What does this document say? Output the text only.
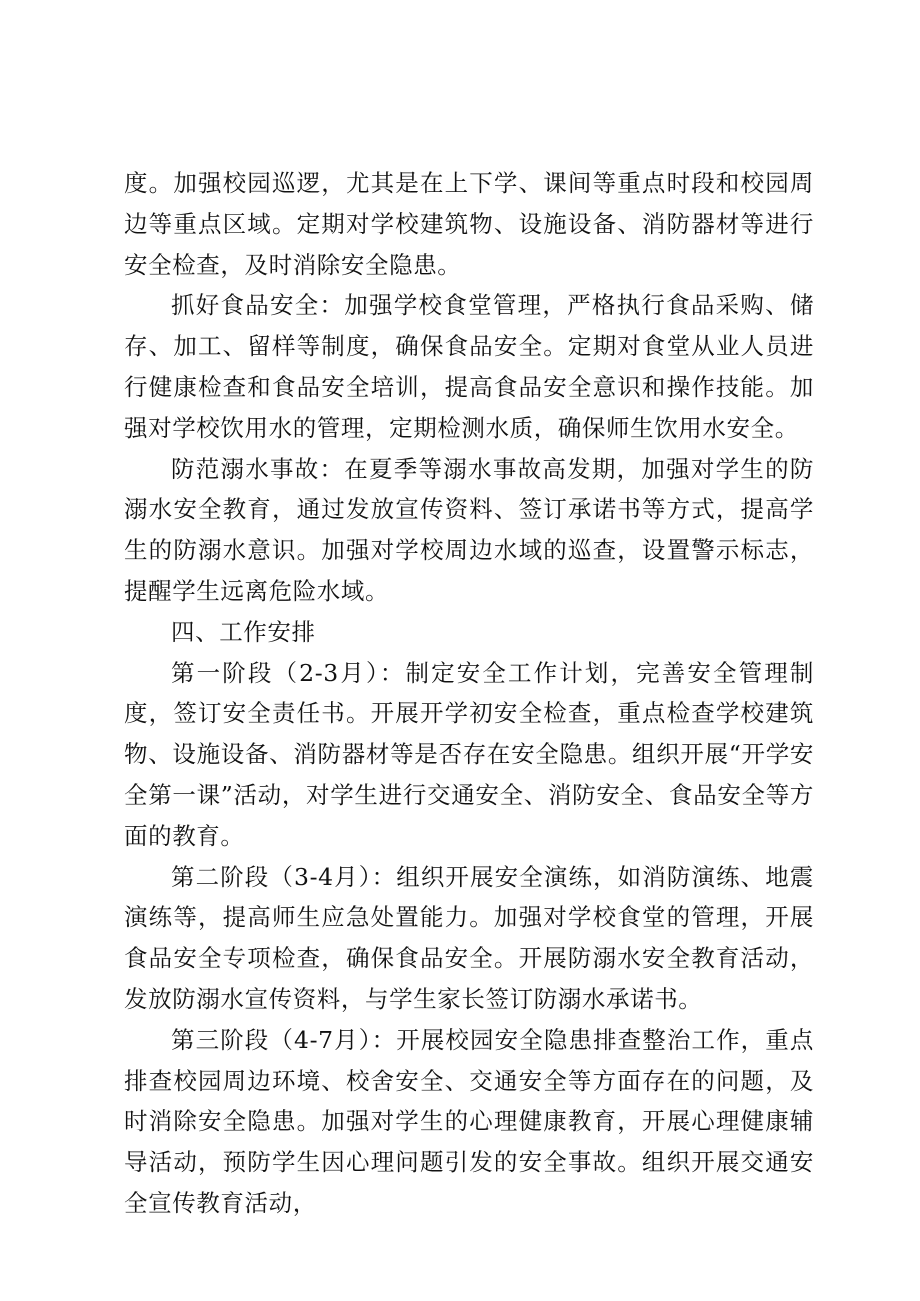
度。加强校园巡逻，尤其是在上下学、课间等重点时段和校园周边等重点区域。定期对学校建筑物、设施设备、消防器材等进行安全检查，及时消除安全隐患。

抓好食品安全：加强学校食堂管理，严格执行食品采购、储存、加工、留样等制度，确保食品安全。定期对食堂从业人员进行健康检查和食品安全培训，提高食品安全意识和操作技能。加强对学校饮用水的管理，定期检测水质，确保师生饮用水安全。

防范溺水事故：在夏季等溺水事故高发期，加强对学生的防溺水安全教育，通过发放宣传资料、签订承诺书等方式，提高学生的防溺水意识。加强对学校周边水域的巡查，设置警示标志，提醒学生远离危险水域。

四、工作安排

第一阶段（2-3月）：制定安全工作计划，完善安全管理制度，签订安全责任书。开展开学初安全检查，重点检查学校建筑物、设施设备、消防器材等是否存在安全隐患。组织开展“开学安全第一课”活动，对学生进行交通安全、消防安全、食品安全等方面的教育。

第二阶段（3-4月）：组织开展安全演练，如消防演练、地震演练等，提高师生应急处置能力。加强对学校食堂的管理，开展食品安全专项检查，确保食品安全。开展防溺水安全教育活动，发放防溺水宣传资料，与学生家长签订防溺水承诺书。

第三阶段（4-7月）：开展校园安全隐患排查整治工作，重点排查校园周边环境、校舍安全、交通安全等方面存在的问题，及时消除安全隐患。加强对学生的心理健康教育，开展心理健康辅导活动，预防学生因心理问题引发的安全事故。组织开展交通安全宣传教育活动，
